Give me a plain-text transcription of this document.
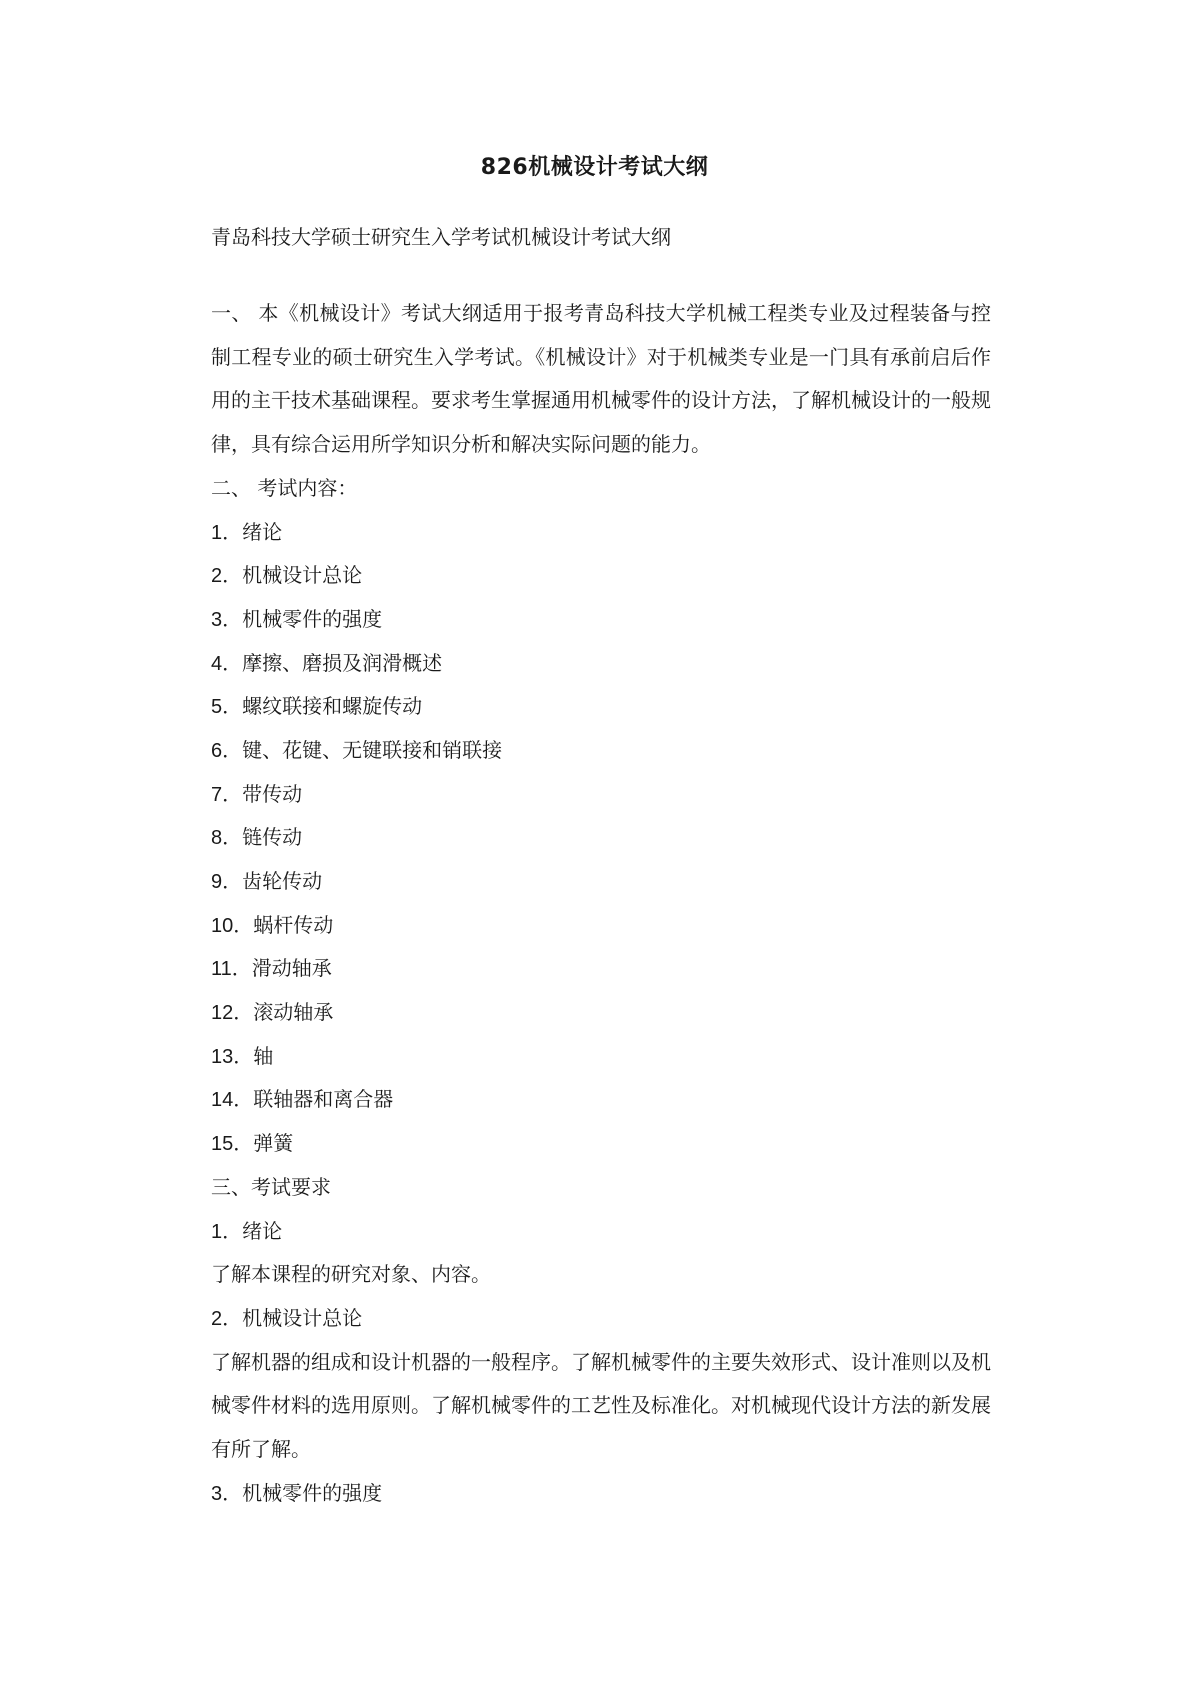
826机械设计考试大纲
青岛科技大学硕士研究生入学考试机械设计考试大纲

一、 本《机械设计》考试大纲适用于报考青岛科技大学机械工程类专业及过程装备与控制工程专业的硕士研究生入学考试。《机械设计》对于机械类专业是一门具有承前启后作用的主干技术基础课程。要求考生掌握通用机械零件的设计方法，了解机械设计的一般规律，具有综合运用所学知识分析和解决实际问题的能力。

二、 考试内容：
1．绪论
2．机械设计总论
3．机械零件的强度
4．摩擦、磨损及润滑概述
5．螺纹联接和螺旋传动
6．键、花键、无键联接和销联接
7．带传动
8．链传动
9．齿轮传动
10．蜗杆传动
11．滑动轴承
12．滚动轴承
13．轴
14．联轴器和离合器
15．弹簧
三、考试要求
1．绪论

了解本课程的研究对象、内容。

2．机械设计总论

了解机器的组成和设计机器的一般程序。了解机械零件的主要失效形式、设计准则以及机械零件材料的选用原则。了解机械零件的工艺性及标准化。对机械现代设计方法的新发展有所了解。

3．机械零件的强度
